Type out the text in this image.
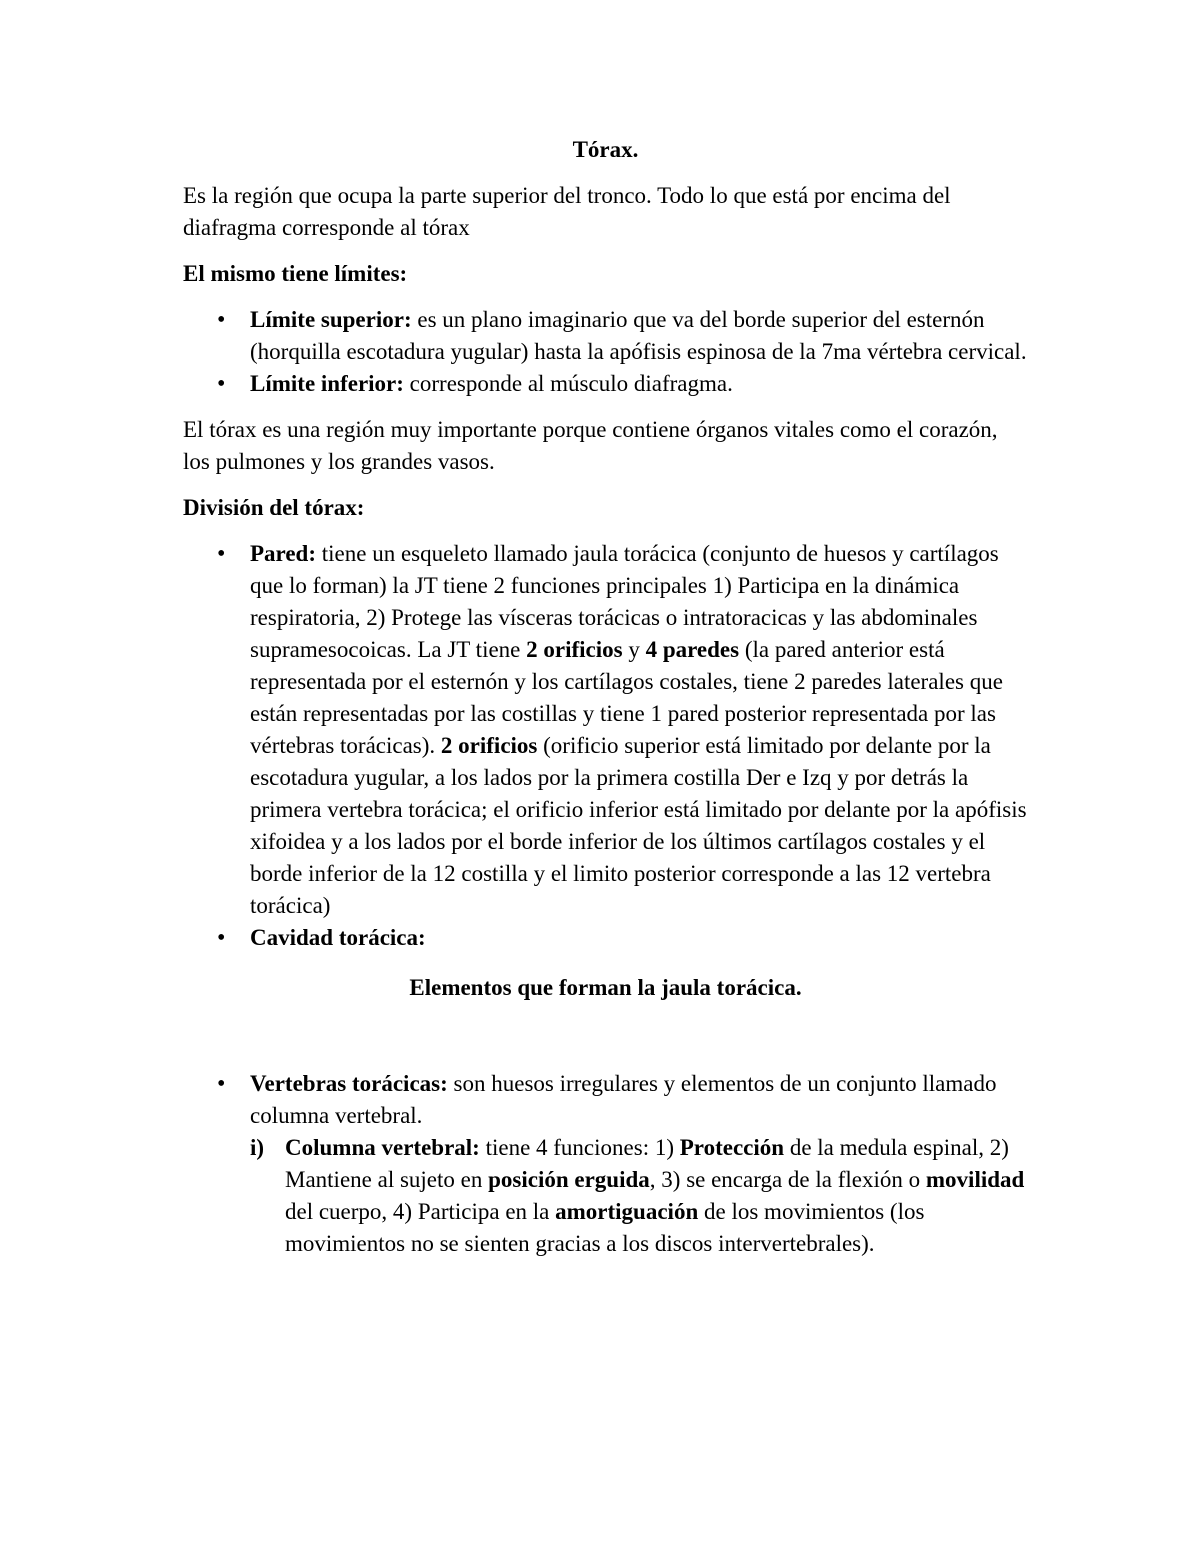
Tórax.

Es la región que ocupa la parte superior del tronco. Todo lo que está por encima del diafragma corresponde al tórax

El mismo tiene límites:

• Límite superior: es un plano imaginario que va del borde superior del esternón (horquilla escotadura yugular) hasta la apófisis espinosa de la 7ma vértebra cervical.
• Límite inferior: corresponde al músculo diafragma.

El tórax es una región muy importante porque contiene órganos vitales como el corazón, los pulmones y los grandes vasos.

División del tórax:

• Pared: tiene un esqueleto llamado jaula torácica (conjunto de huesos y cartílagos que lo forman) la JT tiene 2 funciones principales 1) Participa en la dinámica respiratoria, 2) Protege las vísceras torácicas o intratoracicas y las abdominales supramesocoicas. La JT tiene 2 orificios y 4 paredes (la pared anterior está representada por el esternón y los cartílagos costales, tiene 2 paredes laterales que están representadas por las costillas y tiene 1 pared posterior representada por las vértebras torácicas). 2 orificios (orificio superior está limitado por delante por la escotadura yugular, a los lados por la primera costilla Der e Izq y por detrás la primera vertebra torácica; el orificio inferior está limitado por delante por la apófisis xifoidea y a los lados por el borde inferior de los últimos cartílagos costales y el borde inferior de la 12 costilla y el limito posterior corresponde a las 12 vertebra torácica)
• Cavidad torácica:
Elementos que forman la jaula torácica.
• Vertebras torácicas: son huesos irregulares y elementos de un conjunto llamado columna vertebral.
i) Columna vertebral: tiene 4 funciones: 1) Protección de la medula espinal, 2) Mantiene al sujeto en posición erguida, 3) se encarga de la flexión o movilidad del cuerpo, 4) Participa en la amortiguación de los movimientos (los movimientos no se sienten gracias a los discos intervertebrales).
